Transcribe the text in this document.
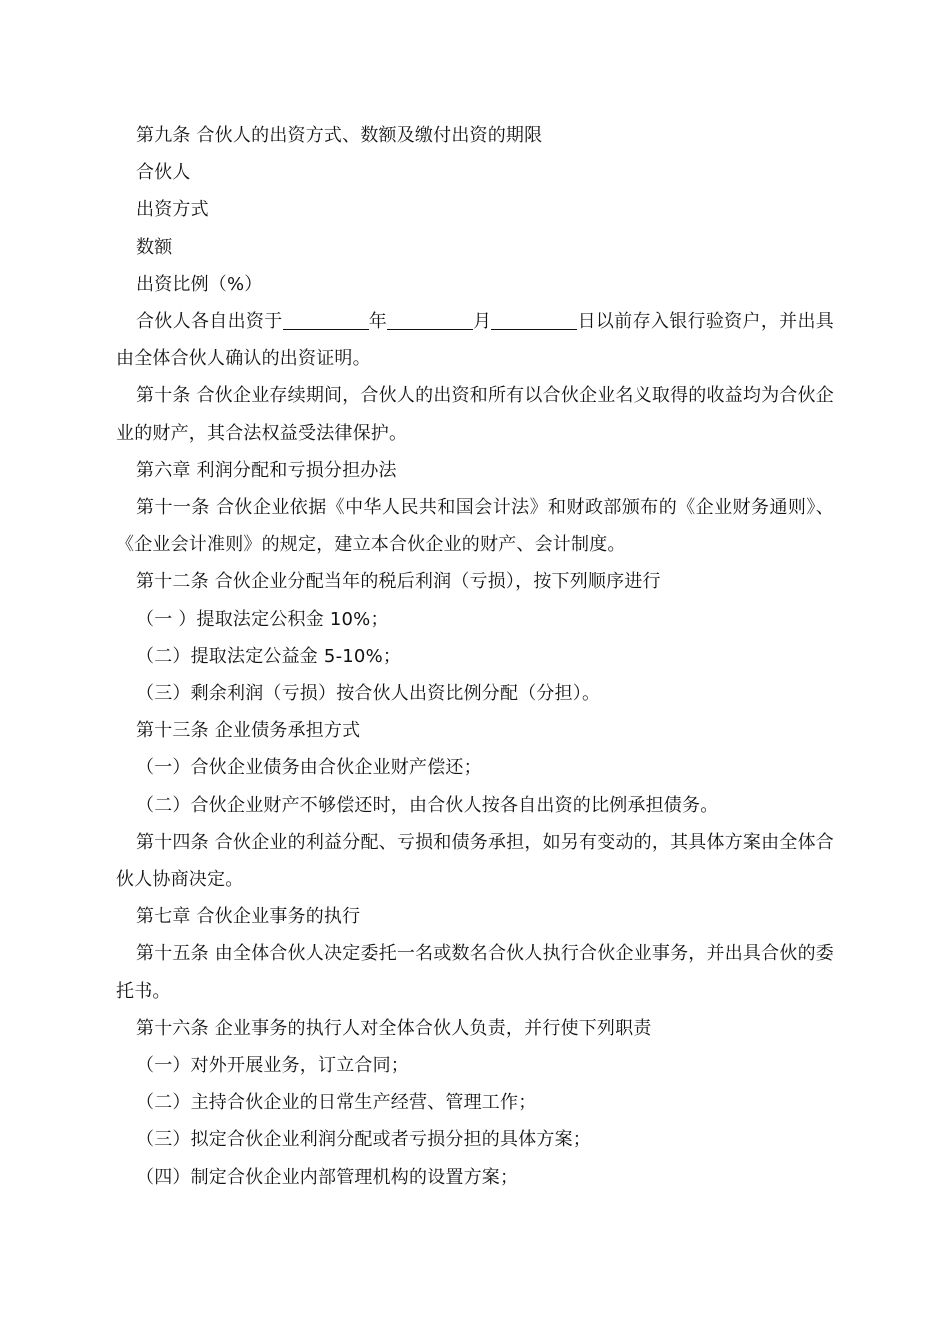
第九条 合伙人的出资方式、数额及缴付出资的期限

合伙人

出资方式

数额

出资比例（%）

合伙人各自出资于	年	月	日以前存入银行验资户，并出具由全体合伙人确认的出资证明。

第十条 合伙企业存续期间，合伙人的出资和所有以合伙企业名义取得的收益均为合伙企业的财产，其合法权益受法律保护。

第六章 利润分配和亏损分担办法

第十一条 合伙企业依据《中华人民共和国会计法》和财政部颁布的《企业财务通则》、《企业会计准则》的规定，建立本合伙企业的财产、会计制度。

第十二条 合伙企业分配当年的税后利润（亏损），按下列顺序进行

（一 ）提取法定公积金 10%；

（二）提取法定公益金 5-10%；

（三）剩余利润（亏损）按合伙人出资比例分配（分担）。

第十三条 企业债务承担方式

（一）合伙企业债务由合伙企业财产偿还；

（二）合伙企业财产不够偿还时，由合伙人按各自出资的比例承担债务。

第十四条 合伙企业的利益分配、亏损和债务承担，如另有变动的，其具体方案由全体合伙人协商决定。

第七章 合伙企业事务的执行

第十五条 由全体合伙人决定委托一名或数名合伙人执行合伙企业事务，并出具合伙的委托书。

第十六条 企业事务的执行人对全体合伙人负责，并行使下列职责

（一）对外开展业务，订立合同；

（二）主持合伙企业的日常生产经营、管理工作；

（三）拟定合伙企业利润分配或者亏损分担的具体方案；

（四）制定合伙企业内部管理机构的设置方案；
